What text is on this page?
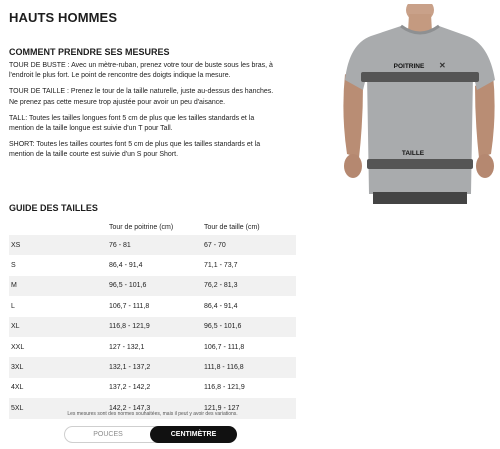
HAUTS HOMMES
COMMENT PRENDRE SES MESURES

TOUR DE BUSTE : Avec un mètre-ruban, prenez votre tour de buste sous les bras, à l'endroit le plus fort. Le point de rencontre des doigts indique la mesure.

TOUR DE TAILLE : Prenez le tour de la taille naturelle, juste au-dessus des hanches. Ne prenez pas cette mesure trop ajustée pour avoir un peu d'aisance.

TALL: Toutes les tailles longues font 5 cm de plus que les tailles standards et la mention de la taille longue est suivie d'un T pour Tall.

SHORT: Toutes les tailles courtes font 5 cm de plus que les tailles standards et la mention de la taille courte est suivie d'un S pour Short.

POITRINE ✕
TAILLE
GUIDE DES TAILLES
	Tour de poitrine (cm)	Tour de taille (cm)
XS	76 - 81	67 - 70
S	86,4 - 91,4	71,1 - 73,7
M	96,5 - 101,6	76,2 - 81,3
L	106,7 - 111,8	86,4 - 91,4
XL	116,8 - 121,9	96,5 - 101,6
XXL	127 - 132,1	106,7 - 111,8
3XL	132,1 - 137,2	111,8 - 116,8
4XL	137,2 - 142,2	116,8 - 121,9
5XL	142,2 - 147,3	121,9 - 127
Les mesures sont des normes souhaitées, mais il peut y avoir des variations.
POUCES	CENTIMÈTRE
